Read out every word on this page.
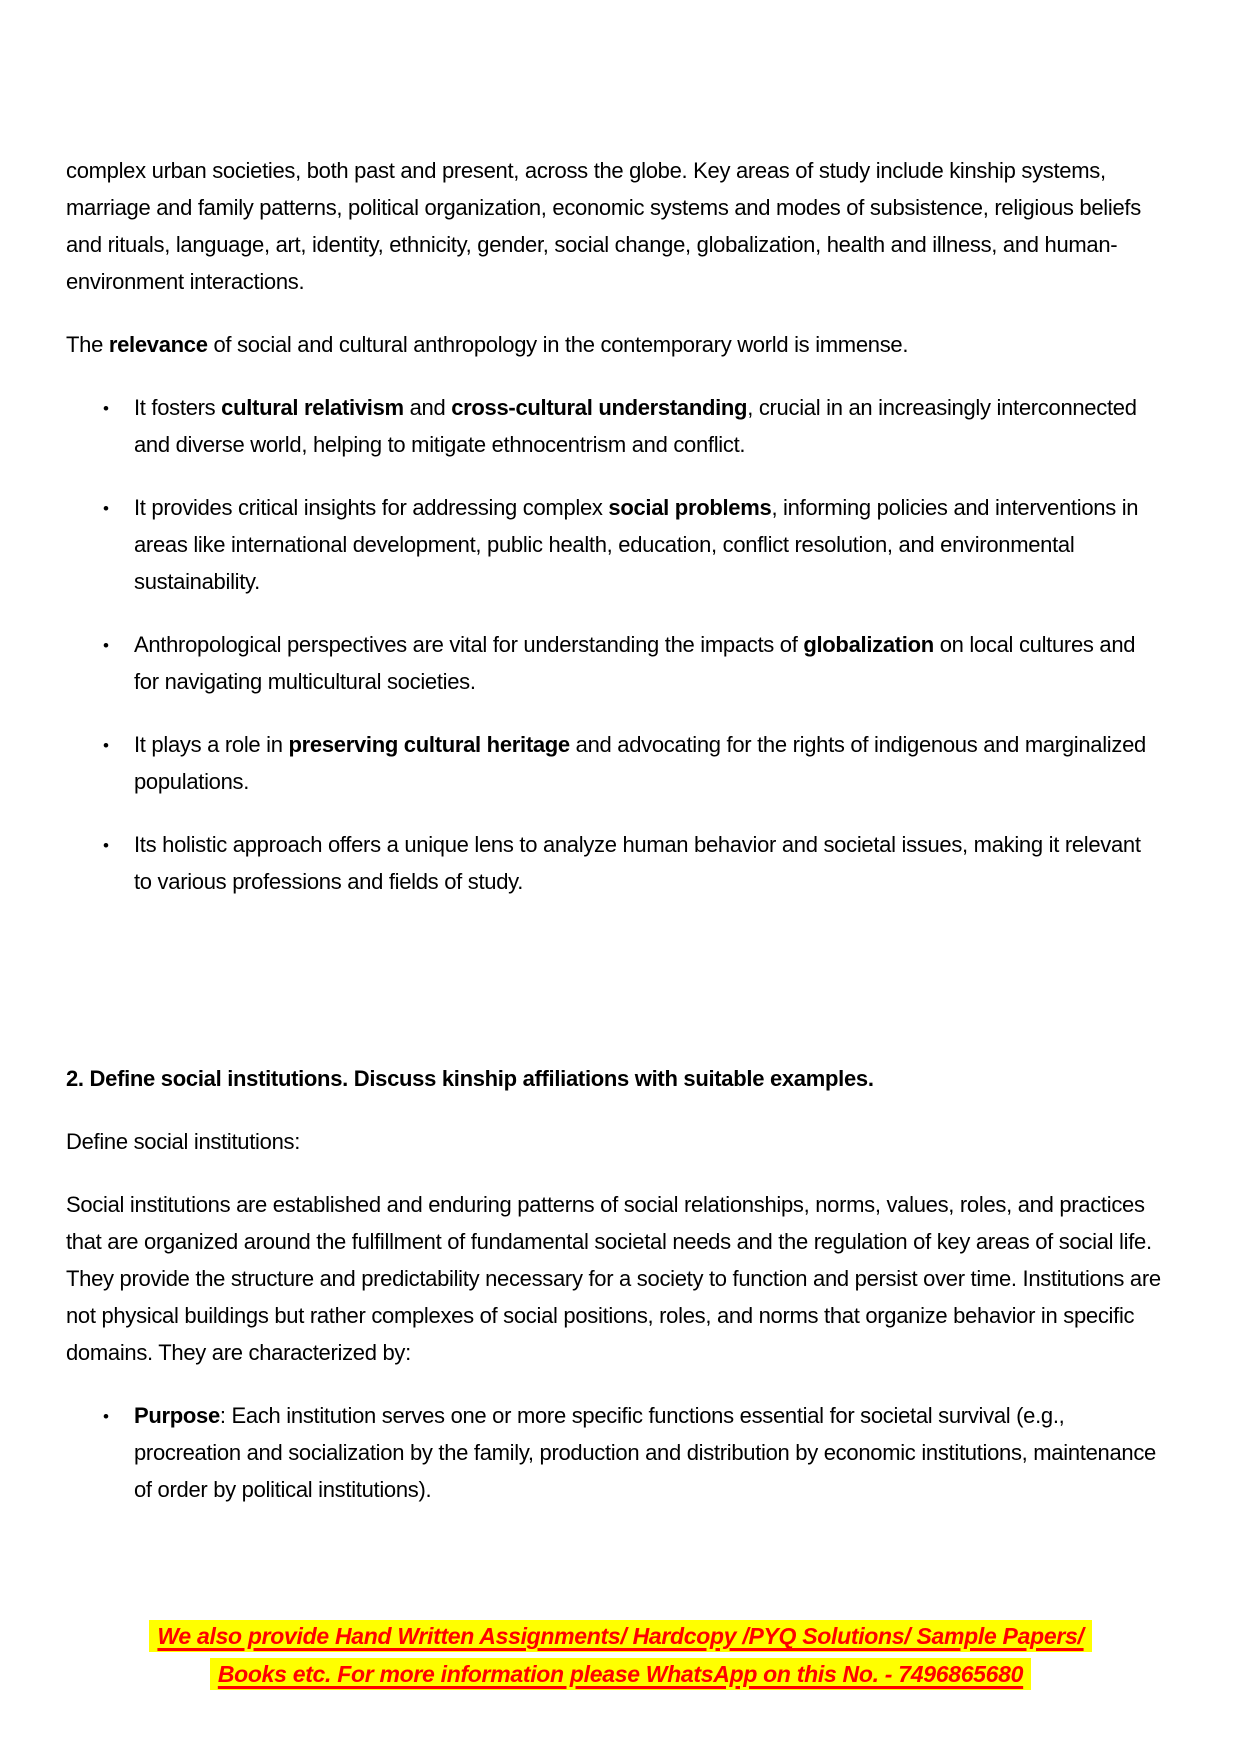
complex urban societies, both past and present, across the globe. Key areas of study include kinship systems, marriage and family patterns, political organization, economic systems and modes of subsistence, religious beliefs and rituals, language, art, identity, ethnicity, gender, social change, globalization, health and illness, and human-environment interactions.

The relevance of social and cultural anthropology in the contemporary world is immense.

• It fosters cultural relativism and cross-cultural understanding, crucial in an increasingly interconnected and diverse world, helping to mitigate ethnocentrism and conflict.
• It provides critical insights for addressing complex social problems, informing policies and interventions in areas like international development, public health, education, conflict resolution, and environmental sustainability.
• Anthropological perspectives are vital for understanding the impacts of globalization on local cultures and for navigating multicultural societies.
• It plays a role in preserving cultural heritage and advocating for the rights of indigenous and marginalized populations.
• Its holistic approach offers a unique lens to analyze human behavior and societal issues, making it relevant to various professions and fields of study.

2. Define social institutions. Discuss kinship affiliations with suitable examples.

Define social institutions:

Social institutions are established and enduring patterns of social relationships, norms, values, roles, and practices that are organized around the fulfillment of fundamental societal needs and the regulation of key areas of social life. They provide the structure and predictability necessary for a society to function and persist over time. Institutions are not physical buildings but rather complexes of social positions, roles, and norms that organize behavior in specific domains. They are characterized by:

• Purpose: Each institution serves one or more specific functions essential for societal survival (e.g., procreation and socialization by the family, production and distribution by economic institutions, maintenance of order by political institutions).
We also provide Hand Written Assignments/ Hardcopy /PYQ Solutions/ Sample Papers/
Books etc. For more information please WhatsApp on this No. - 7496865680
